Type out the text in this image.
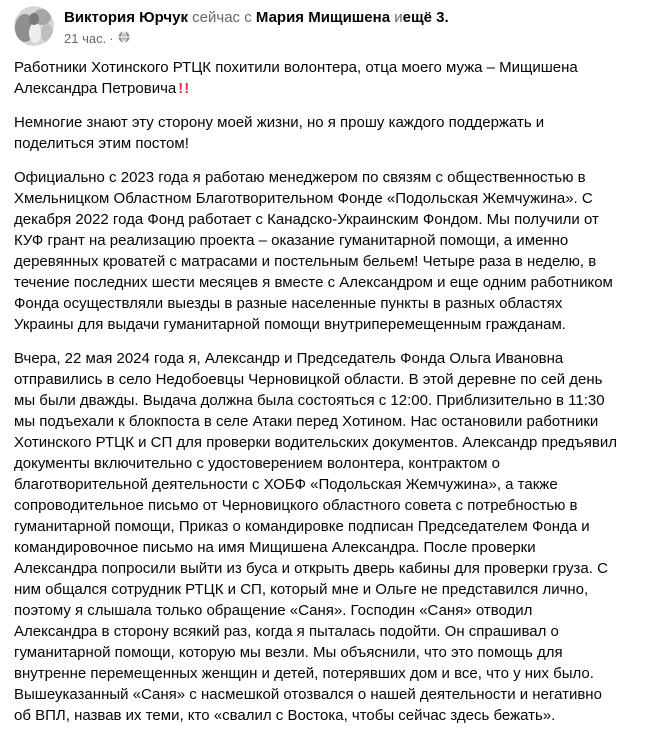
Виктория Юрчук сейчас с Мария Мищишена иещё 3.
21 час. ·

Работники Хотинского РТЦК похитили волонтера, отца моего мужа – Мищишена Александра Петровича !!

Немногие знают эту сторону моей жизни, но я прошу каждого поддержать и поделиться этим постом!

Официально с 2023 года я работаю менеджером по связям с общественностью в Хмельницком Областном Благотворительном Фонде «Подольская Жемчужина». С декабря 2022 года Фонд работает с Канадско-Украинским Фондом. Мы получили от КУФ грант на реализацию проекта – оказание гуманитарной помощи, а именно деревянных кроватей с матрасами и постельным бельем! Четыре раза в неделю, в течение последних шести месяцев я вместе с Александром и еще одним работником Фонда осуществляли выезды в разные населенные пункты в разных областях Украины для выдачи гуманитарной помощи внутриперемещенным гражданам.

Вчера, 22 мая 2024 года я, Александр и Председатель Фонда Ольга Ивановна отправились в село Недобоевцы Черновицкой области. В этой деревне по сей день мы были дважды. Выдача должна была состояться с 12:00. Приблизительно в 11:30 мы подъехали к блокпоста в селе Атаки перед Хотином. Нас остановили работники Хотинского РТЦК и СП для проверки водительских документов. Александр предъявил документы включительно с удостоверением волонтера, контрактом о благотворительной деятельности с ХОБФ «Подольская Жемчужина», а также сопроводительное письмо от Черновицкого областного совета с потребностью в гуманитарной помощи, Приказ о командировке подписан Председателем Фонда и командировочное письмо на имя Мищишена Александра. После проверки Александра попросили выйти из буса и открыть дверь кабины для проверки груза. С ним общался сотрудник РТЦК и СП, который мне и Ольге не представился лично, поэтому я слышала только обращение «Саня». Господин «Саня» отводил Александра в сторону всякий раз, когда я пыталась подойти. Он спрашивал о гуманитарной помощи, которую мы везли. Мы объяснили, что это помощь для внутренне перемещенных женщин и детей, потерявших дом и все, что у них было. Вышеуказанный «Саня» с насмешкой отозвался о нашей деятельности и негативно об ВПЛ, назвав их теми, кто «свалил с Востока, чтобы сейчас здесь бежать».
